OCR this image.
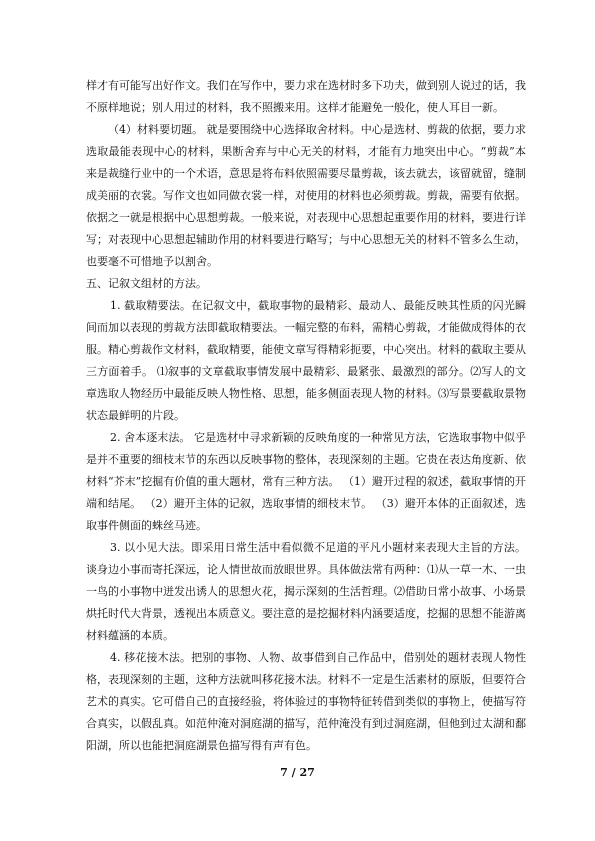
样才有可能写出好作文。我们在写作中，要力求在选材时多下功夫，做到别人说过的话，我不原样地说；别人用过的材料，我不照搬来用。这样才能避免一般化，使人耳目一新。

（4）材料要切题。 就是要围绕中心选择取舍材料。中心是选材、剪裁的依据，要力求选取最能表现中心的材料，果断舍弃与中心无关的材料，才能有力地突出中心。“剪裁”本来是裁缝行业中的一个术语，意思是将布料依照需要尽量剪裁，该去就去，该留就留，缝制成美丽的衣裳。写作文也如同做衣裳一样，对使用的材料也必须剪裁。剪裁，需要有依据。依据之一就是根据中心思想剪裁。一般来说，对表现中心思想起重要作用的材料，要进行详写；对表现中心思想起辅助作用的材料要进行略写；与中心思想无关的材料不管多么生动，也要毫不可惜地予以割舍。

五、记叙文组材的方法。

1. 截取精要法。在记叙文中，截取事物的最精彩、最动人、最能反映其性质的闪光瞬间而加以表现的剪裁方法即截取精要法。一幅完整的布料，需精心剪裁，才能做成得体的衣服。精心剪裁作文材料，截取精要，能使文章写得精彩扼要，中心突出。材料的截取主要从三方面着手。 ⑴叙事的文章截取事情发展中最精彩、最紧张、最激烈的部分。⑵写人的文章选取人物经历中最能反映人物性格、思想，能多侧面表现人物的材料。⑶写景要截取景物状态最鲜明的片段。

2. 舍本逐末法。 它是选材中寻求新颖的反映角度的一种常见方法，它选取事物中似乎是并不重要的细枝末节的东西以反映事物的整体，表现深刻的主题。它贵在表达角度新、依材料“芥末”挖掘有价值的重大题材，常有三种方法。 （1）避开过程的叙述，截取事情的开端和结尾。 （2）避开主体的记叙，选取事情的细枝末节。 （3）避开本体的正面叙述，选取事件侧面的蛛丝马迹。

3. 以小见大法。即采用日常生活中看似微不足道的平凡小题材来表现大主旨的方法。谈身边小事而寄托深远，论人情世故而放眼世界。具体做法常有两种：⑴从一草一木、一虫一鸟的小事物中迸发出诱人的思想火花，揭示深刻的生活哲理。⑵借助日常小故事、小场景烘托时代大背景，透视出本质意义。要注意的是挖掘材料内涵要适度，挖掘的思想不能游离材料蕴涵的本质。

4. 移花接木法。把别的事物、人物、故事借到自己作品中，借别处的题材表现人物性格，表现深刻的主题，这种方法就叫移花接木法。材料不一定是生活素材的原版，但要符合艺术的真实。它可借自己的直接经验，将体验过的事物特征转借到类似的事物上，使描写符合真实，以假乱真。如范仲淹对洞庭湖的描写，范仲淹没有到过洞庭湖，但他到过太湖和鄱阳湖，所以也能把洞庭湖景色描写得有声有色。

7 / 27
